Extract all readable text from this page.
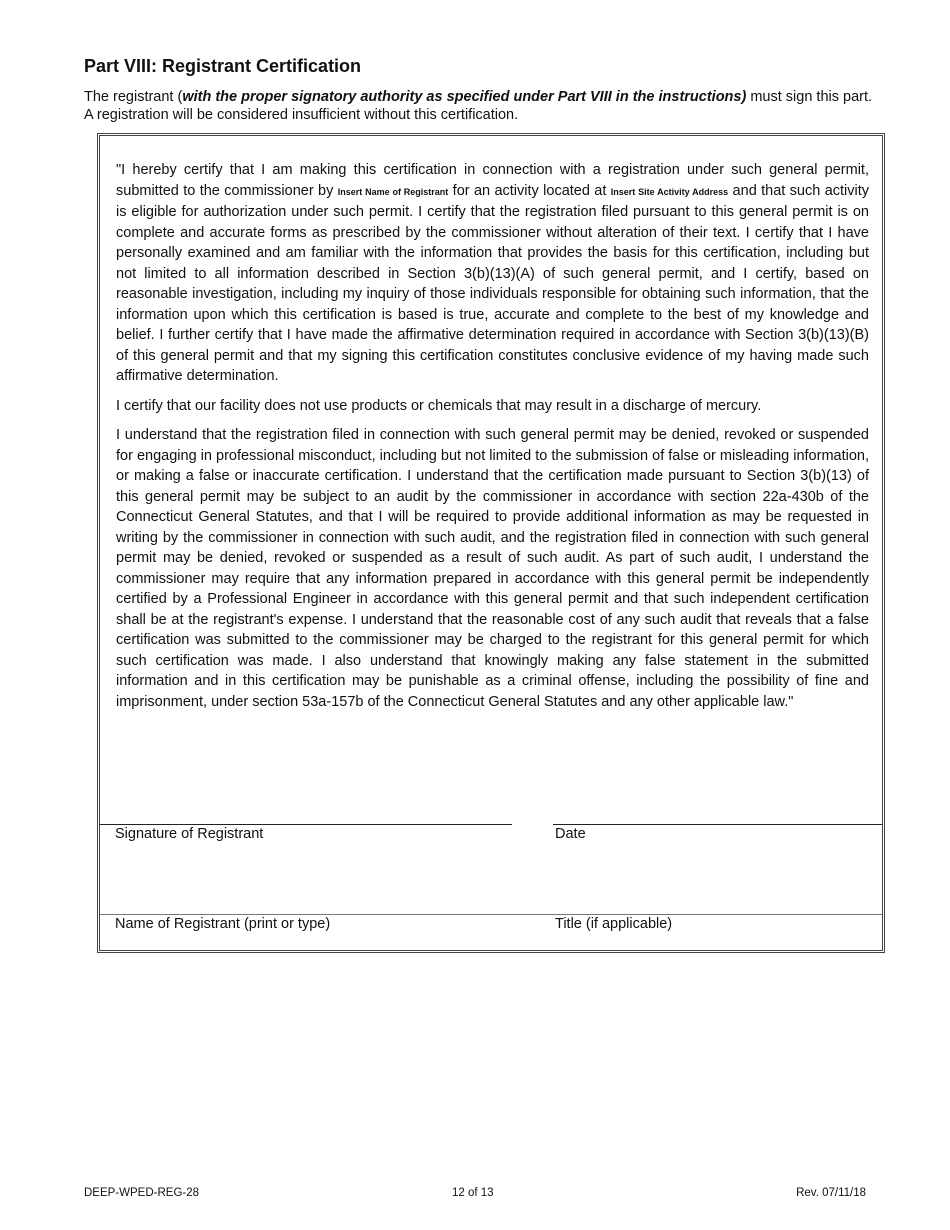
Part VIII: Registrant Certification

The registrant (with the proper signatory authority as specified under Part VIII in the instructions) must sign this part. A registration will be considered insufficient without this certification.

"I hereby certify that I am making this certification in connection with a registration under such general permit, submitted to the commissioner by Insert Name of Registrant for an activity located at Insert Site Activity Address and that such activity is eligible for authorization under such permit. I certify that the registration filed pursuant to this general permit is on complete and accurate forms as prescribed by the commissioner without alteration of their text. I certify that I have personally examined and am familiar with the information that provides the basis for this certification, including but not limited to all information described in Section 3(b)(13)(A) of such general permit, and I certify, based on reasonable investigation, including my inquiry of those individuals responsible for obtaining such information, that the information upon which this certification is based is true, accurate and complete to the best of my knowledge and belief. I further certify that I have made the affirmative determination required in accordance with Section 3(b)(13)(B) of this general permit and that my signing this certification constitutes conclusive evidence of my having made such affirmative determination.

I certify that our facility does not use products or chemicals that may result in a discharge of mercury.

I understand that the registration filed in connection with such general permit may be denied, revoked or suspended for engaging in professional misconduct, including but not limited to the submission of false or misleading information, or making a false or inaccurate certification. I understand that the certification made pursuant to Section 3(b)(13) of this general permit may be subject to an audit by the commissioner in accordance with section 22a-430b of the Connecticut General Statutes, and that I will be required to provide additional information as may be requested in writing by the commissioner in connection with such audit, and the registration filed in connection with such general permit may be denied, revoked or suspended as a result of such audit. As part of such audit, I understand the commissioner may require that any information prepared in accordance with this general permit be independently certified by a Professional Engineer in accordance with this general permit and that such independent certification shall be at the registrant's expense. I understand that the reasonable cost of any such audit that reveals that a false certification was submitted to the commissioner may be charged to the registrant for this general permit for which such certification was made. I also understand that knowingly making any false statement in the submitted information and in this certification may be punishable as a criminal offense, including the possibility of fine and imprisonment, under section 53a-157b of the Connecticut General Statutes and any other applicable law."

Signature of Registrant	Date
Name of Registrant (print or type)	Title (if applicable)
DEEP-WPED-REG-28	12 of 13	Rev. 07/11/18
